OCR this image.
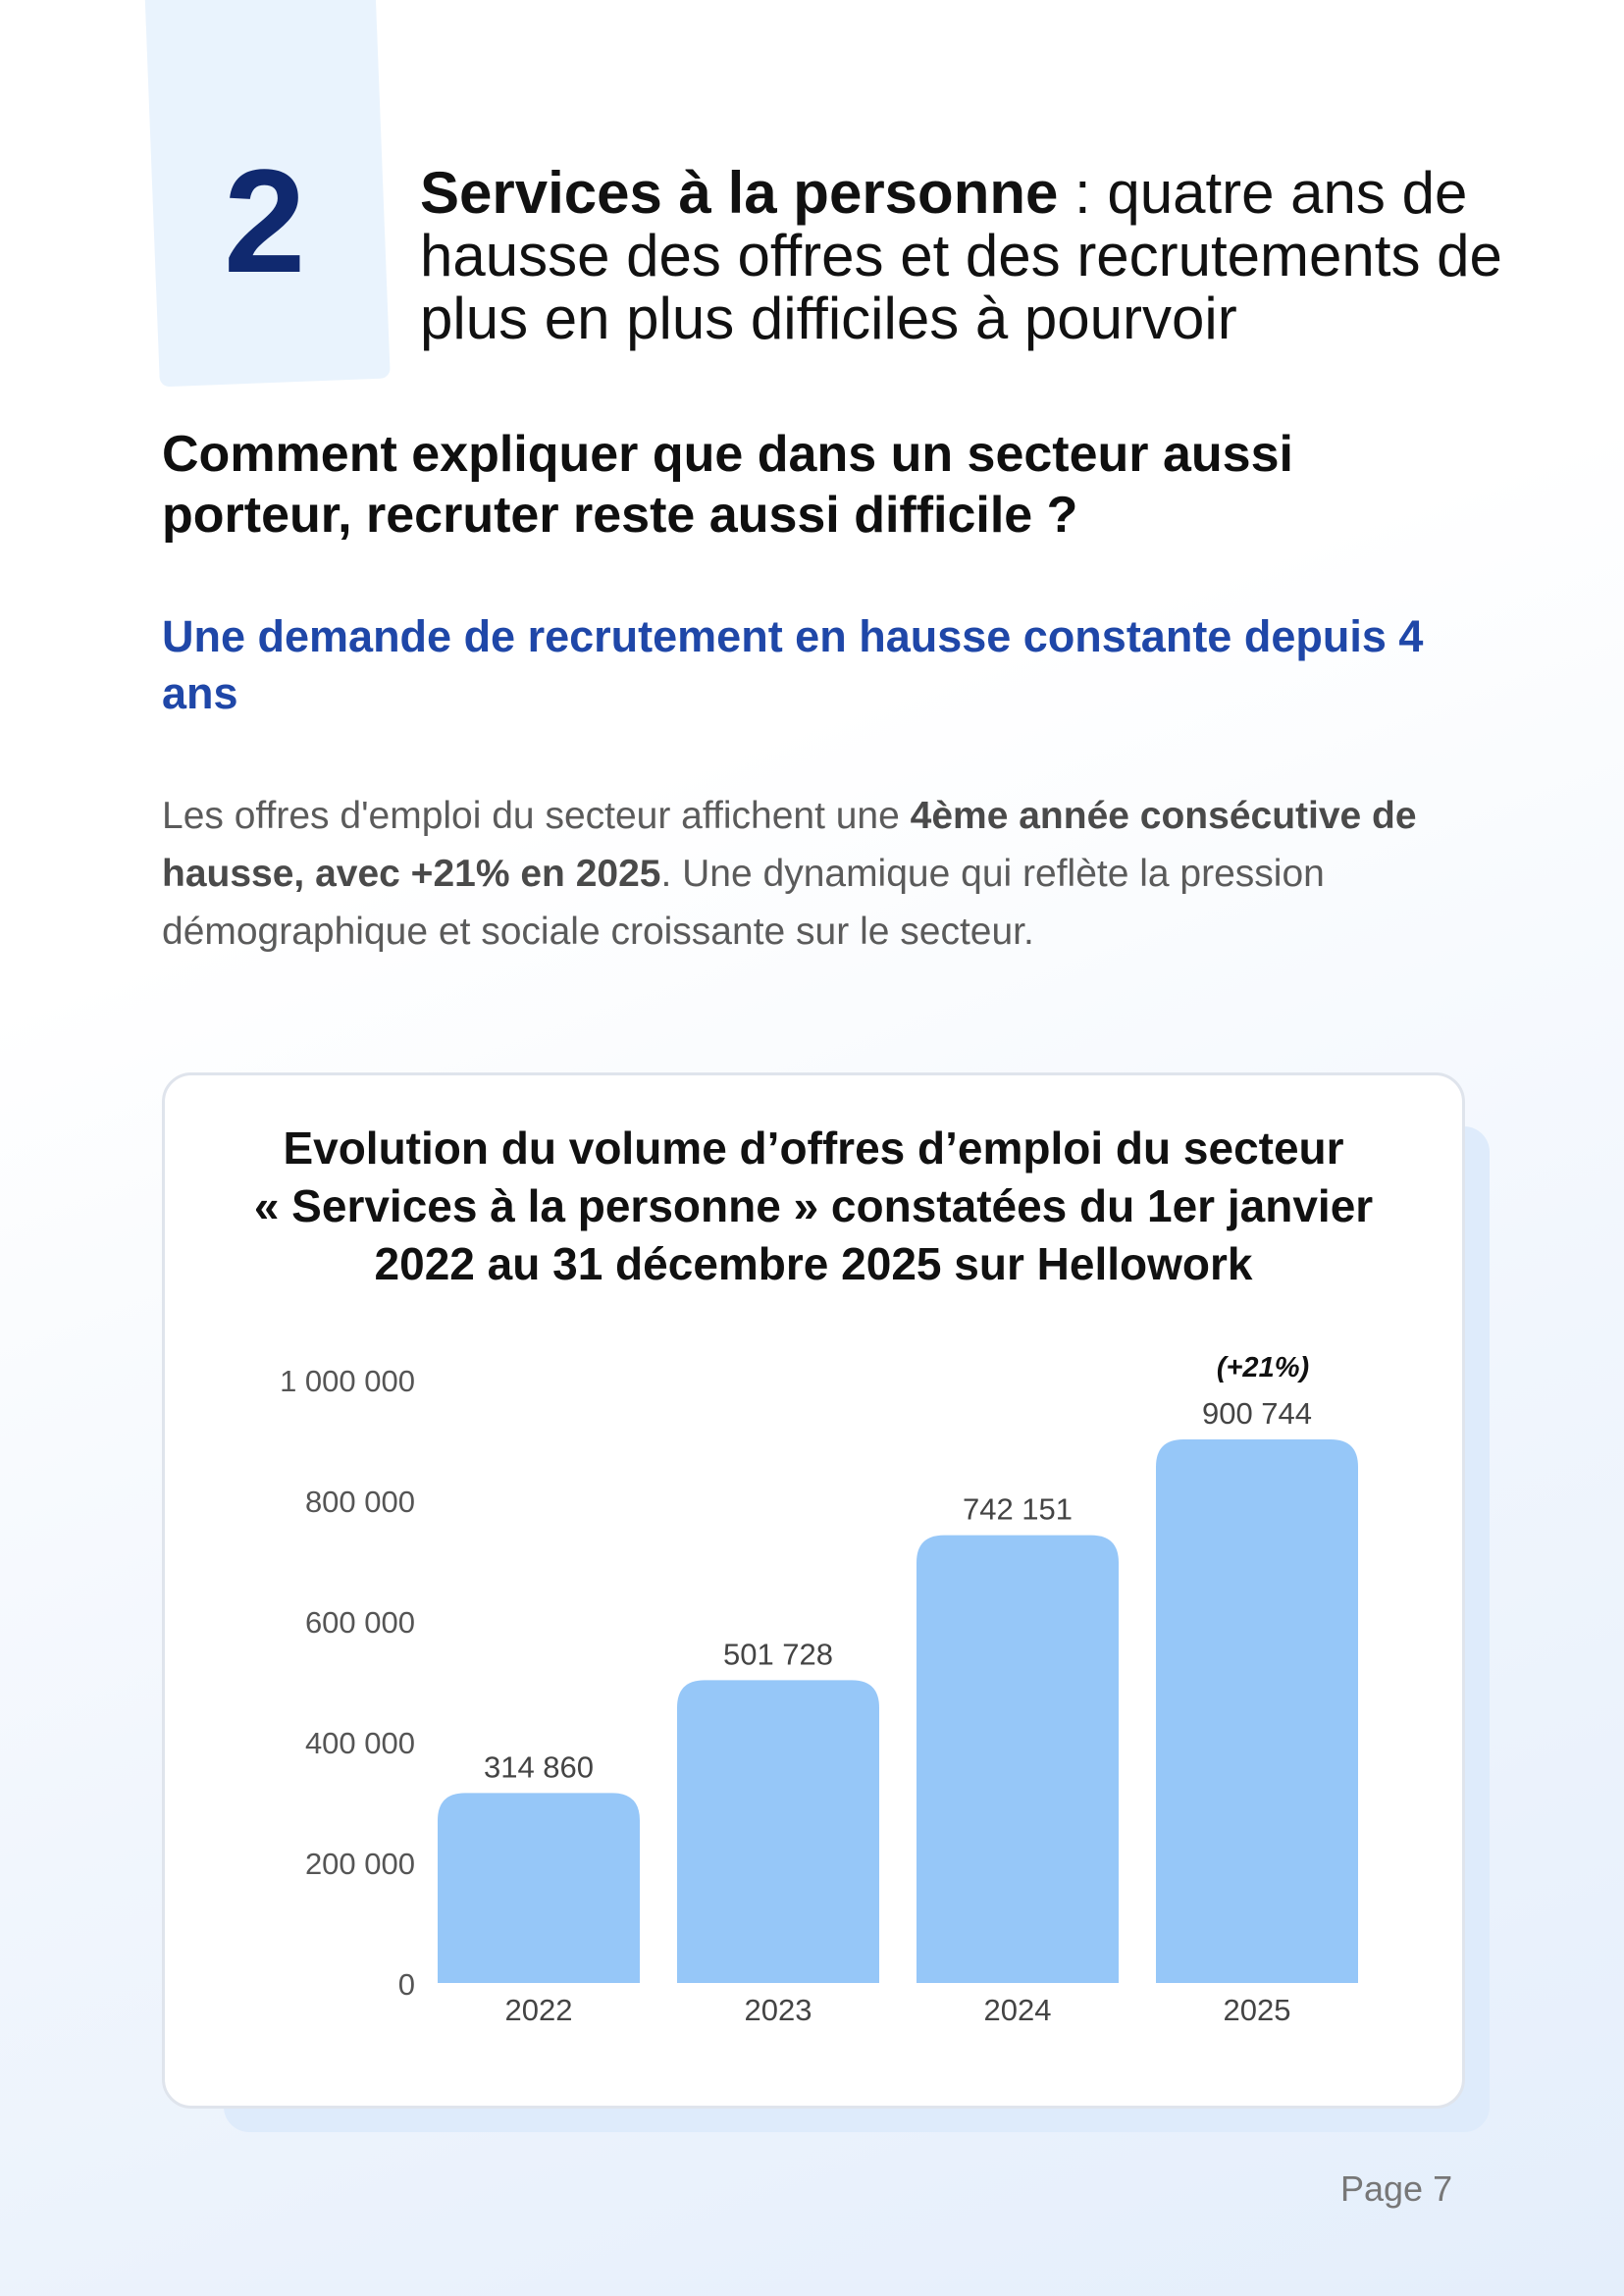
2 Services à la personne : quatre ans de hausse des offres et des recrutements de plus en plus difficiles à pourvoir
Comment expliquer que dans un secteur aussi porteur, recruter reste aussi difficile ?
Une demande de recrutement en hausse constante depuis 4 ans
Les offres d'emploi du secteur affichent une 4ème année consécutive de hausse, avec +21% en 2025. Une dynamique qui reflète la pression démographique et sociale croissante sur le secteur.
Evolution du volume d’offres d’emploi du secteur
« Services à la personne » constatées du 1er janvier
2022 au 31 décembre 2025 sur Hellowork
0
200 000
400 000
600 000
800 000
1 000 000
314 860
2022
501 728
2023
742 151
2024
900 744
2025
(+21%)
Page 7
